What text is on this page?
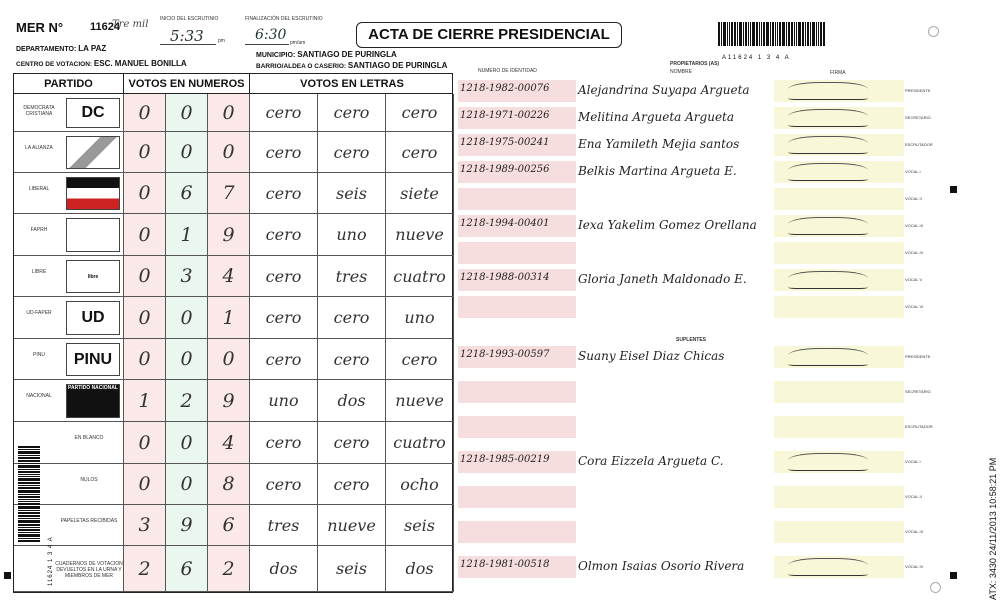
MER N° 11624
Tre mil INICIO DEL ESCRUTINIO
5:33	pm
FINALIZACIÓN DEL ESCRUTINIO
6:30 pm/am
DEPARTAMENTO: LA PAZ
MUNICIPIO: SANTIAGO DE PURINGLA
CENTRO DE VOTACION: ESC. MANUEL BONILLA	BARRIO/ALDEA O CASERIO: SANTIAGO DE PURINGLA
ACTA DE CIERRE PRESIDENCIAL
A11624 1 3 4 A
PARTIDO	VOTOS EN NUMEROS	VOTOS EN LETRAS
DC
DEMOCRATA CRISTIANA	0	0	0	cero	cero	cero
LA ALIANZA	0	0	0	cero	cero	cero
LIBERAL	0	6	7	cero	seis	siete
FAPRH	0	1	9	cero	uno	nueve
libre
LIBRE	0	3	4	cero	tres	cuatro
UD
UD-FAPER	0	0	1	cero	cero	uno
PINU
PINU	0	0	0	cero	cero	cero
PARTIDO NACIONAL
NACIONAL	1	2	9	uno	dos	nueve
EN BLANCO	0	0	4	cero	cero	cuatro
NULOS	0	0	8	cero	cero	ocho
PAPELETAS RECIBIDAS	3	9	6	tres	nueve	seis
CUADERNOS DE VOTACION DEVUELTOS EN LA URNA Y MIEMBROS DE MER	2	6	2	dos	seis	dos
11624 1 3 4 A
NUMERO DE IDENTIDAD
PROPIETARIOS (AS)
NOMBRE	FIRMA
1218-1982-00076 Alejandrina Suyapa Argueta	PRESIDENTE
1218-1971-00226 Melitina Argueta Argueta	SECRETARIO
1218-1975-00241 Ena Yamileth Mejia santos	ESCRUTADOR
1218-1989-00256 Belkis Martina Argueta E.	VOCAL I
VOCAL II
1218-1994-00401 Iexa Yakelim Gomez Orellana	VOCAL III
VOCAL IV
1218-1988-00314 Gloria Janeth Maldonado E.	VOCAL V
VOCAL VI
SUPLENTES
1218-1993-00597 Suany Eisel Diaz Chicas	PRESIDENTE
SECRETARIO
ESCRUTADOR
1218-1985-00219 Cora Eizzela Argueta C.	VOCAL I
VOCAL II
VOCAL III
1218-1981-00518 Olmon Isaias Osorio Rivera	VOCAL IV	ATX: 3430 24/11/2013 10:58:21 PM
